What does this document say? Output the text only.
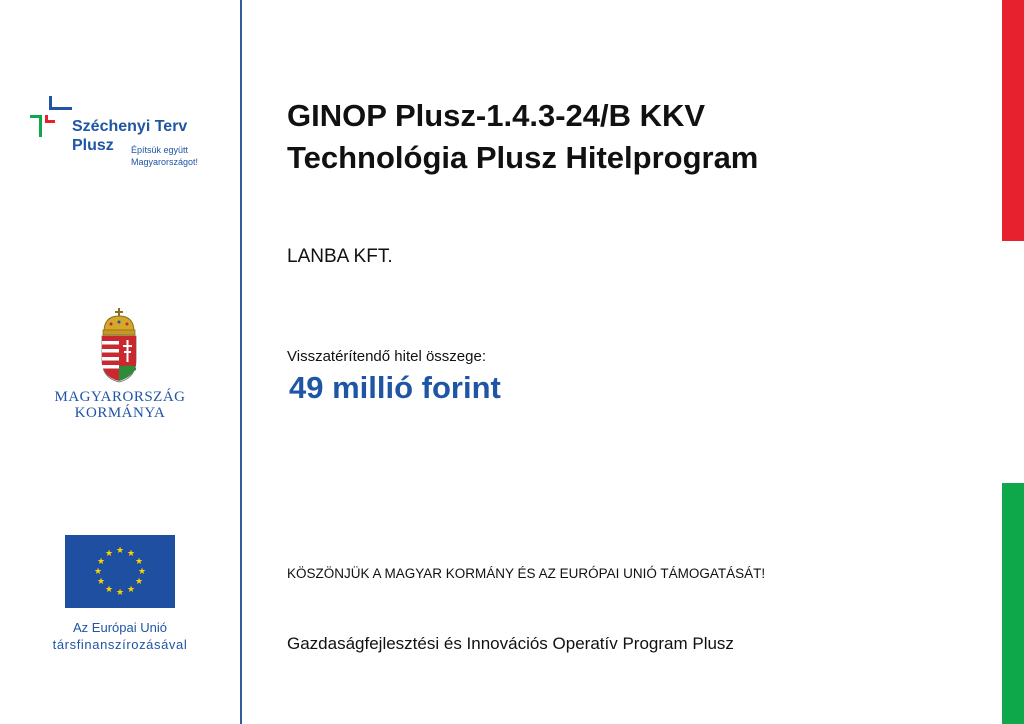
Széchenyi Terv
Plusz Építsük együtt
Magyarországot!
MAGYARORSZÁG
KORMÁNYA
★ ★
★
★
★
★
★
★
★
★
★
★
Az Európai Unió
társfinanszírozásával
GINOP Plusz-1.4.3-24/B KKV
Technológia Plusz Hitelprogram
LANBA KFT.
Visszatérítendő hitel összege:
49 millió forint
KÖSZÖNJÜK A MAGYAR KORMÁNY ÉS AZ EURÓPAI UNIÓ TÁMOGATÁSÁT!
Gazdaságfejlesztési és Innovációs Operatív Program Plusz
